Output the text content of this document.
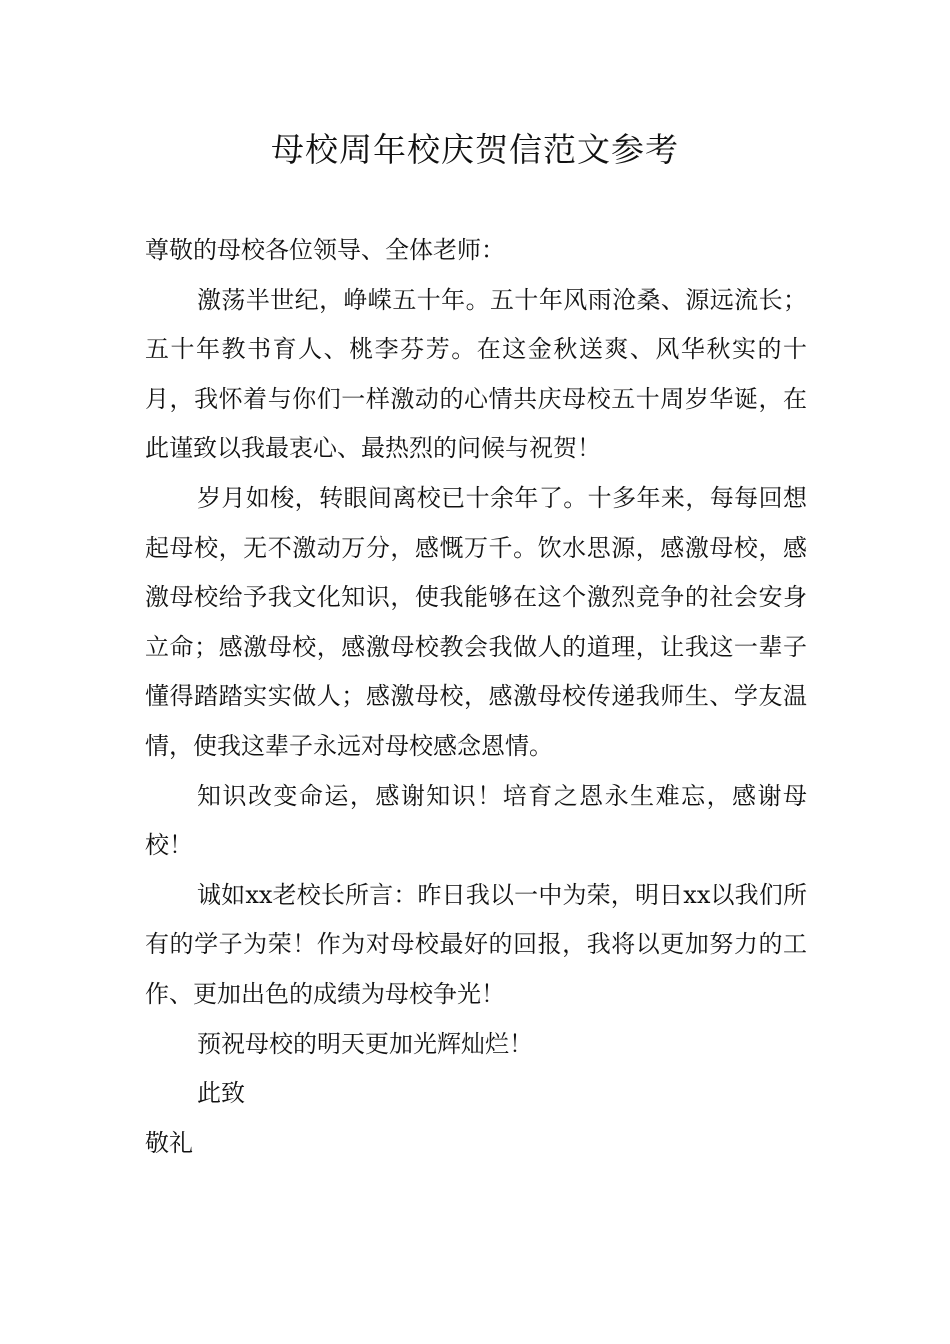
母校周年校庆贺信范文参考

尊敬的母校各位领导、全体老师：

激荡半世纪，峥嵘五十年。五十年风雨沧桑、源远流长；五十年教书育人、桃李芬芳。在这金秋送爽、风华秋实的十月，我怀着与你们一样激动的心情共庆母校五十周岁华诞，在此谨致以我最衷心、最热烈的问候与祝贺！

岁月如梭，转眼间离校已十余年了。十多年来，每每回想起母校，无不激动万分，感慨万千。饮水思源，感激母校，感激母校给予我文化知识，使我能够在这个激烈竞争的社会安身立命；感激母校，感激母校教会我做人的道理，让我这一辈子懂得踏踏实实做人；感激母校，感激母校传递我师生、学友温情，使我这辈子永远对母校感念恩情。

知识改变命运，感谢知识！培育之恩永生难忘，感谢母校！

诚如xx老校长所言：昨日我以一中为荣，明日xx以我们所有的学子为荣！作为对母校最好的回报，我将以更加努力的工作、更加出色的成绩为母校争光！

预祝母校的明天更加光辉灿烂！

此致

敬礼
